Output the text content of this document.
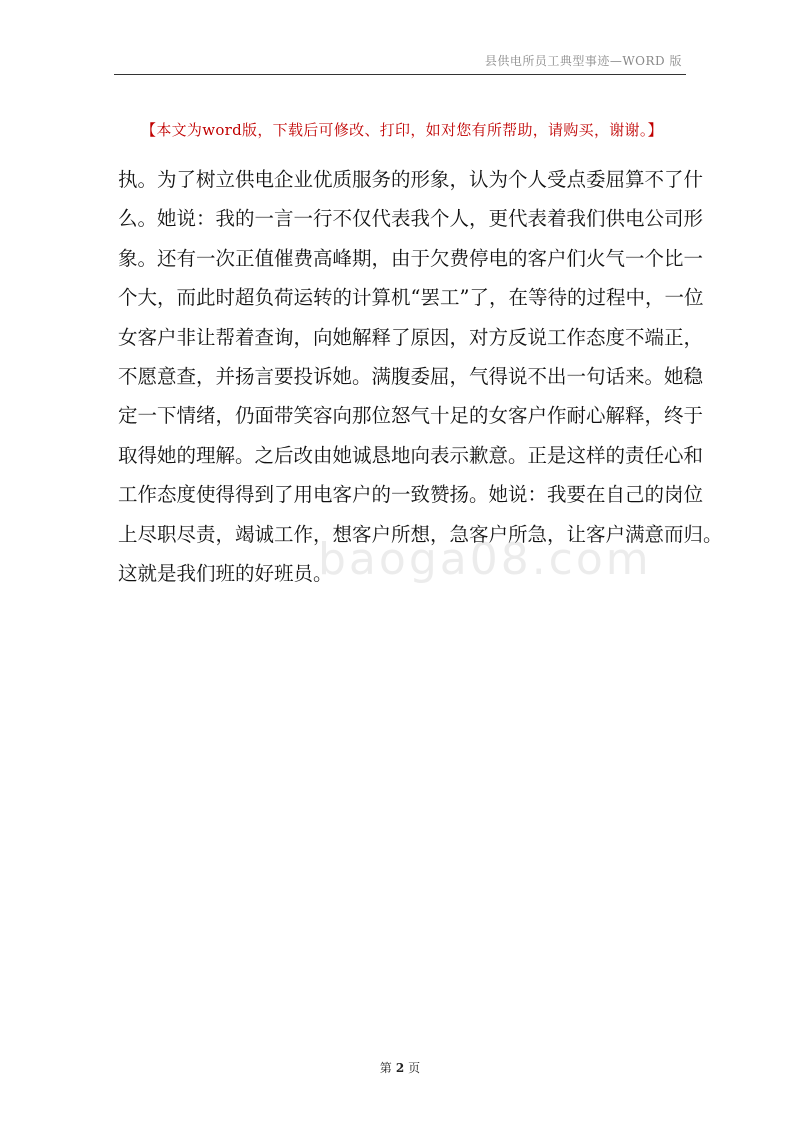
县供电所员工典型事迹—WORD 版
【本文为word版，下载后可修改、打印，如对您有所帮助，请购买，谢谢。】
执。为了树立供电企业优质服务的形象，认为个人受点委屈算不了什
么。她说：我的一言一行不仅代表我个人，更代表着我们供电公司形
象。还有一次正值催费高峰期，由于欠费停电的客户们火气一个比一
个大，而此时超负荷运转的计算机“罢工”了，在等待的过程中，一位
女客户非让帮着查询，向她解释了原因，对方反说工作态度不端正，
不愿意查，并扬言要投诉她。满腹委屈，气得说不出一句话来。她稳
定一下情绪，仍面带笑容向那位怒气十足的女客户作耐心解释，终于
取得她的理解。之后改由她诚恳地向表示歉意。正是这样的责任心和
工作态度使得得到了用电客户的一致赞扬。她说：我要在自己的岗位
上尽职尽责，竭诚工作，想客户所想，急客户所急，让客户满意而归。
这就是我们班的好班员。
baoga08.com
第 2 页
